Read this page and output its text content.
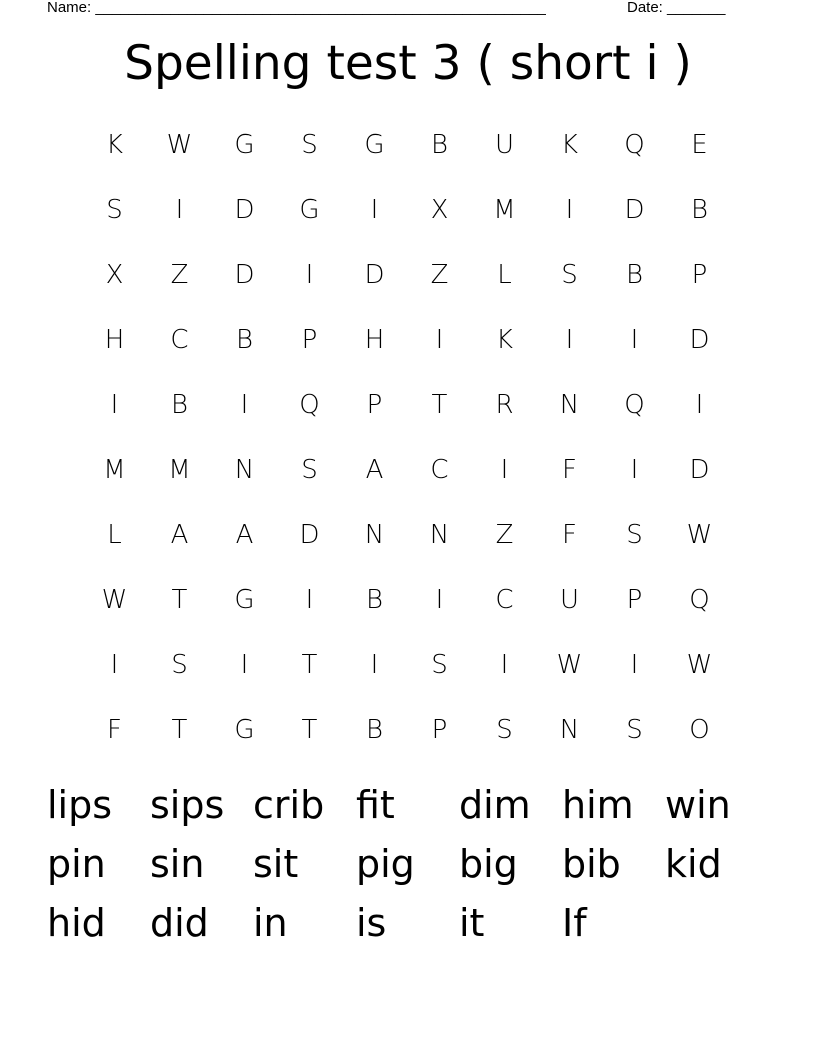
Name: ______________________________________________________	Date: _______
Spelling test 3 ( short i )
K	W	G	S	G	B	U	K	Q	E
S	I	D	G	I	X	M	I	D	B
X	Z	D	I	D	Z	L	S	B	P
H	C	B	P	H	I	K	I	I	D
I	B	I	Q	P	T	R	N	Q	I
M	M	N	S	A	C	I	F	I	D
L	A	A	D	N	N	Z	F	S	W
W	T	G	I	B	I	C	U	P	Q
I	S	I	T	I	S	I	W	I	W
F	T	G	T	B	P	S	N	S	O
lips sips crib fit	dim him win
pin	sin	sit	pig	big	bib	kid
hid	did	in	is	it	If
